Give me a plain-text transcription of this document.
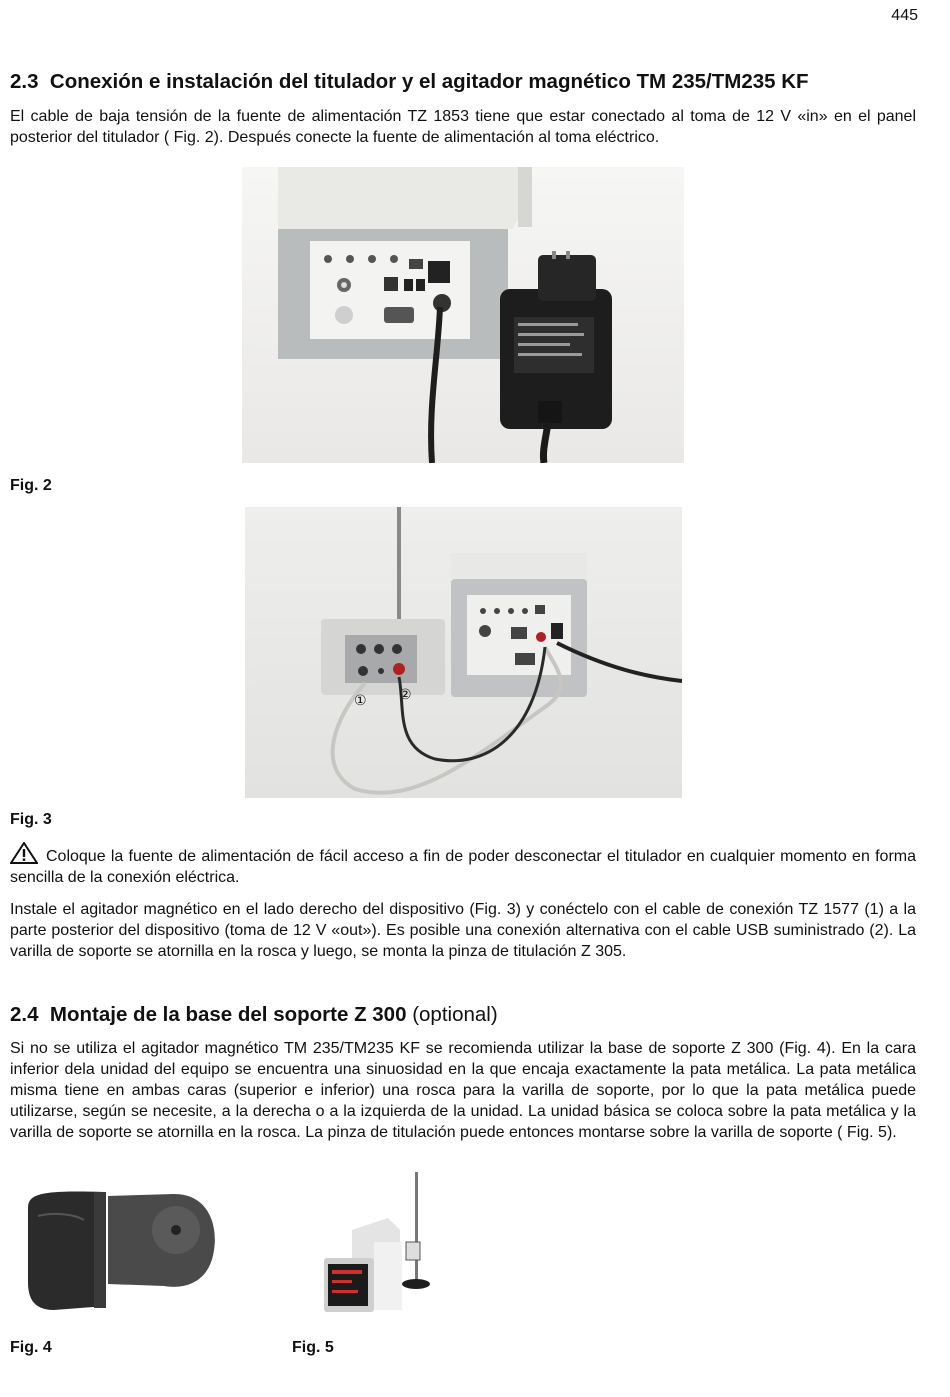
445
2.3 Conexión e instalación del titulador y el agitador magnético TM 235/TM235 KF
El cable de baja tensión de la fuente de alimentación TZ 1853 tiene que estar conectado al toma de 12 V «in» en el panel posterior del titulador ( Fig. 2). Después conecte la fuente de alimentación al toma eléctrico.
Fig. 2
① ②
Fig. 3
Coloque la fuente de alimentación de fácil acceso a fin de poder desconectar el titulador en cualquier momento en forma sencilla de la conexión eléctrica.
Instale el agitador magnético en el lado derecho del dispositivo (Fig. 3) y conéctelo con el cable de conexión TZ 1577 (1) a la parte posterior del dispositivo (toma de 12 V «out»). Es posible una conexión alternativa con el cable USB suministrado (2). La varilla de soporte se atornilla en la rosca y luego, se monta la pinza de titulación Z 305.
2.4 Montaje de la base del soporte Z 300 (optional)
Si no se utiliza el agitador magnético TM 235/TM235 KF se recomienda utilizar la base de soporte Z 300 (Fig. 4). En la cara inferior dela unidad del equipo se encuentra una sinuosidad en la que encaja exactamente la pata metálica. La pata metálica misma tiene en ambas caras (superior e inferior) una rosca para la varilla de soporte, por lo que la pata metálica puede utilizarse, según se necesite, a la derecha o a la izquierda de la unidad. La unidad básica se coloca sobre la pata metálica y la varilla de soporte se atornilla en la rosca. La pinza de titulación puede entonces montarse sobre la varilla de soporte ( Fig. 5).
Fig. 4	Fig. 5
